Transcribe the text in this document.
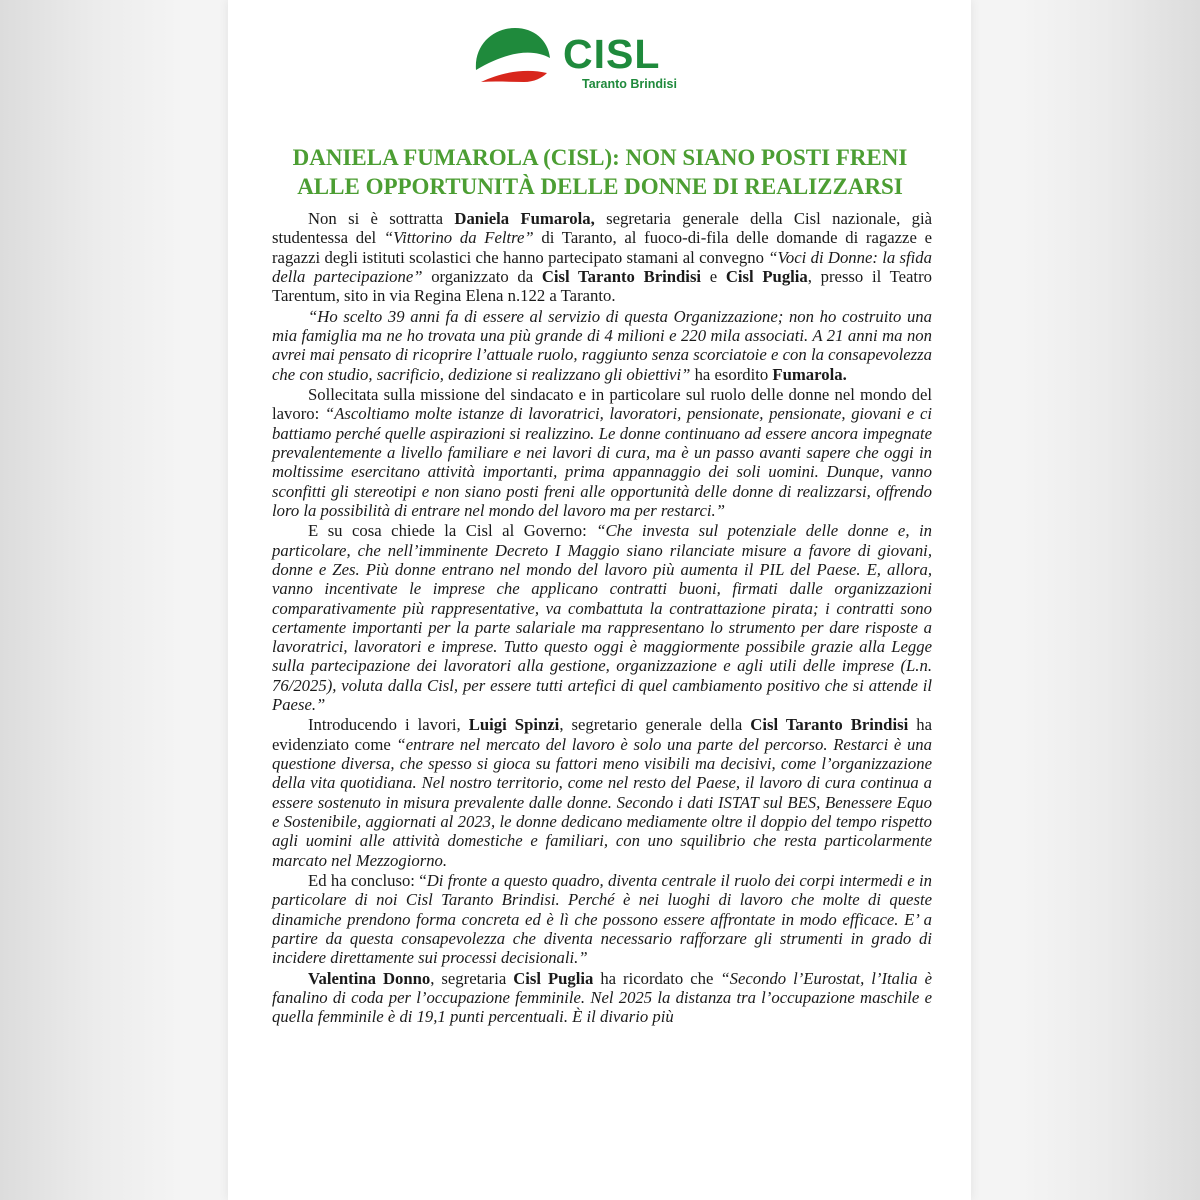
CISL
Taranto Brindisi
DANIELA FUMAROLA (CISL): NON SIANO POSTI FRENI
ALLE OPPORTUNITÀ DELLE DONNE DI REALIZZARSI

Non si è sottratta Daniela Fumarola, segretaria generale della Cisl nazionale, già studentessa del “Vittorino da Feltre” di Taranto, al fuoco-di-fila delle domande di ragazze e ragazzi degli istituti scolastici che hanno partecipato stamani al convegno “Voci di Donne: la sfida della partecipazione” organizzato da Cisl Taranto Brindisi e Cisl Puglia, presso il Teatro Tarentum, sito in via Regina Elena n.122 a Taranto.

“Ho scelto 39 anni fa di essere al servizio di questa Organizzazione; non ho costruito una mia famiglia ma ne ho trovata una più grande di 4 milioni e 220 mila associati. A 21 anni ma non avrei mai pensato di ricoprire l’attuale ruolo, raggiunto senza scorciatoie e con la consapevolezza che con studio, sacrificio, dedizione si realizzano gli obiettivi” ha esordito Fumarola.

Sollecitata sulla missione del sindacato e in particolare sul ruolo delle donne nel mondo del lavoro: “Ascoltiamo molte istanze di lavoratrici, lavoratori, pensionate, pensionate, giovani e ci battiamo perché quelle aspirazioni si realizzino. Le donne continuano ad essere ancora impegnate prevalentemente a livello familiare e nei lavori di cura, ma è un passo avanti sapere che oggi in moltissime esercitano attività importanti, prima appannaggio dei soli uomini. Dunque, vanno sconfitti gli stereotipi e non siano posti freni alle opportunità delle donne di realizzarsi, offrendo loro la possibilità di entrare nel mondo del lavoro ma per restarci.”

E su cosa chiede la Cisl al Governo: “Che investa sul potenziale delle donne e, in particolare, che nell’imminente Decreto I Maggio siano rilanciate misure a favore di giovani, donne e Zes. Più donne entrano nel mondo del lavoro più aumenta il PIL del Paese. E, allora, vanno incentivate le imprese che applicano contratti buoni, firmati dalle organizzazioni comparativamente più rappresentative, va combattuta la contrattazione pirata; i contratti sono certamente importanti per la parte salariale ma rappresentano lo strumento per dare risposte a lavoratrici, lavoratori e imprese. Tutto questo oggi è maggiormente possibile grazie alla Legge sulla partecipazione dei lavoratori alla gestione, organizzazione e agli utili delle imprese (L.n. 76/2025), voluta dalla Cisl, per essere tutti artefici di quel cambiamento positivo che si attende il Paese.”

Introducendo i lavori, Luigi Spinzi, segretario generale della Cisl Taranto Brindisi ha evidenziato come “entrare nel mercato del lavoro è solo una parte del percorso. Restarci è una questione diversa, che spesso si gioca su fattori meno visibili ma decisivi, come l’organizzazione della vita quotidiana. Nel nostro territorio, come nel resto del Paese, il lavoro di cura continua a essere sostenuto in misura prevalente dalle donne. Secondo i dati ISTAT sul BES, Benessere Equo e Sostenibile, aggiornati al 2023, le donne dedicano mediamente oltre il doppio del tempo rispetto agli uomini alle attività domestiche e familiari, con uno squilibrio che resta particolarmente marcato nel Mezzogiorno.

Ed ha concluso: “Di fronte a questo quadro, diventa centrale il ruolo dei corpi intermedi e in particolare di noi Cisl Taranto Brindisi. Perché è nei luoghi di lavoro che molte di queste dinamiche prendono forma concreta ed è lì che possono essere affrontate in modo efficace. E’ a partire da questa consapevolezza che diventa necessario rafforzare gli strumenti in grado di incidere direttamente sui processi decisionali.”

Valentina Donno, segretaria Cisl Puglia ha ricordato che “Secondo l’Eurostat, l’Italia è fanalino di coda per l’occupazione femminile. Nel 2025 la distanza tra l’occupazione maschile e quella femminile è di 19,1 punti percentuali. È il divario più
